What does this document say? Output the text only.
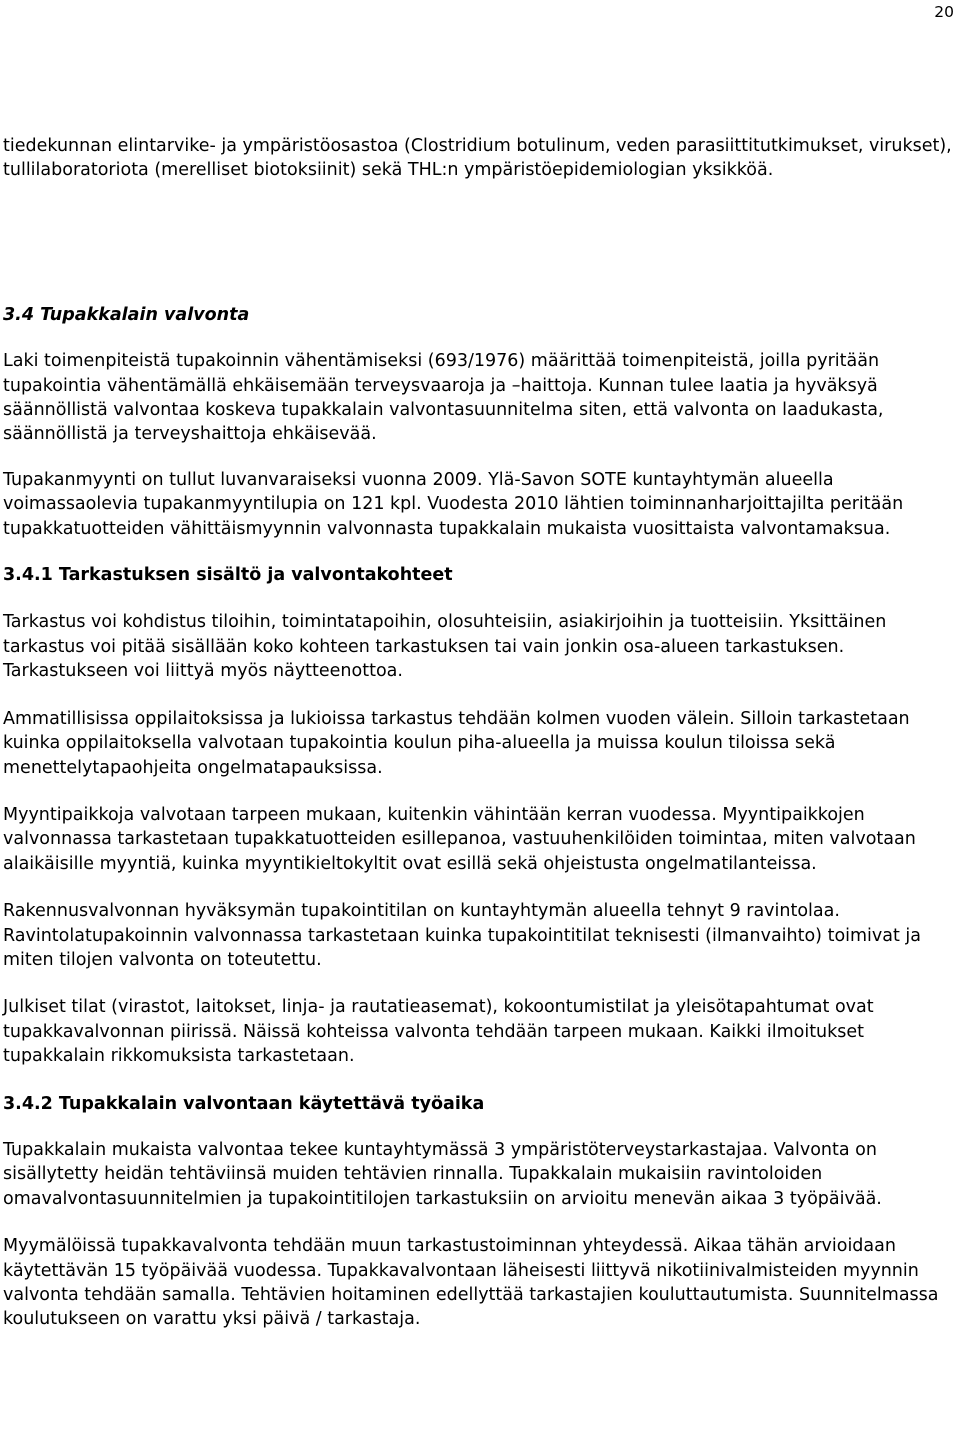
20

tiedekunnan elintarvike- ja ympäristöosastoa (Clostridium botulinum, veden parasiittitutkimukset, virukset), tullilaboratoriota (merelliset biotoksiinit) sekä THL:n ympäristöepidemiologian yksikköä.

3.4 Tupakkalain valvonta

Laki toimenpiteistä tupakoinnin vähentämiseksi (693/1976) määrittää toimenpiteistä, joilla pyritään tupakointia vähentämällä ehkäisemään terveysvaaroja ja –haittoja. Kunnan tulee laatia ja hyväksyä säännöllistä valvontaa koskeva tupakkalain valvontasuunnitelma siten, että valvonta on laadukasta, säännöllistä ja terveyshaittoja ehkäisevää.

Tupakanmyynti on tullut luvanvaraiseksi vuonna 2009. Ylä-Savon SOTE kuntayhtymän alueella voimassaolevia tupakanmyyntilupia on 121 kpl. Vuodesta 2010 lähtien toiminnanharjoittajilta peritään tupakkatuotteiden vähittäismyynnin valvonnasta tupakkalain mukaista vuosittaista valvontamaksua.

3.4.1 Tarkastuksen sisältö ja valvontakohteet

Tarkastus voi kohdistus tiloihin, toimintatapoihin, olosuhteisiin, asiakirjoihin ja tuotteisiin. Yksittäinen tarkastus voi pitää sisällään koko kohteen tarkastuksen tai vain jonkin osa-alueen tarkastuksen. Tarkastukseen voi liittyä myös näytteenottoa.

Ammatillisissa oppilaitoksissa ja lukioissa tarkastus tehdään kolmen vuoden välein. Silloin tarkastetaan kuinka oppilaitoksella valvotaan tupakointia koulun piha-alueella ja muissa koulun tiloissa sekä menettelytapaohjeita ongelmatapauksissa.

Myyntipaikkoja valvotaan tarpeen mukaan, kuitenkin vähintään kerran vuodessa. Myyntipaikkojen valvonnassa tarkastetaan tupakkatuotteiden esillepanoa, vastuuhenkilöiden toimintaa, miten valvotaan alaikäisille myyntiä, kuinka myyntikieltokyltit ovat esillä sekä ohjeistusta ongelmatilanteissa.

Rakennusvalvonnan hyväksymän tupakointitilan on kuntayhtymän alueella tehnyt 9 ravintolaa. Ravintolatupakoinnin valvonnassa tarkastetaan kuinka tupakointitilat teknisesti (ilmanvaihto) toimivat ja miten tilojen valvonta on toteutettu.

Julkiset tilat (virastot, laitokset, linja- ja rautatieasemat), kokoontumistilat ja yleisötapahtumat ovat tupakkavalvonnan piirissä. Näissä kohteissa valvonta tehdään tarpeen mukaan. Kaikki ilmoitukset tupakkalain rikkomuksista tarkastetaan.

3.4.2 Tupakkalain valvontaan käytettävä työaika

Tupakkalain mukaista valvontaa tekee kuntayhtymässä 3 ympäristöterveystarkastajaa. Valvonta on sisällytetty heidän tehtäviinsä muiden tehtävien rinnalla. Tupakkalain mukaisiin ravintoloiden omavalvontasuunnitelmien ja tupakointitilojen tarkastuksiin on arvioitu menevän aikaa 3 työpäivää.

Myymälöissä tupakkavalvonta tehdään muun tarkastustoiminnan yhteydessä. Aikaa tähän arvioidaan käytettävän 15 työpäivää vuodessa. Tupakkavalvontaan läheisesti liittyvä nikotiinivalmisteiden myynnin valvonta tehdään samalla. Tehtävien hoitaminen edellyttää tarkastajien kouluttautumista. Suunnitelmassa koulutukseen on varattu yksi päivä / tarkastaja.
